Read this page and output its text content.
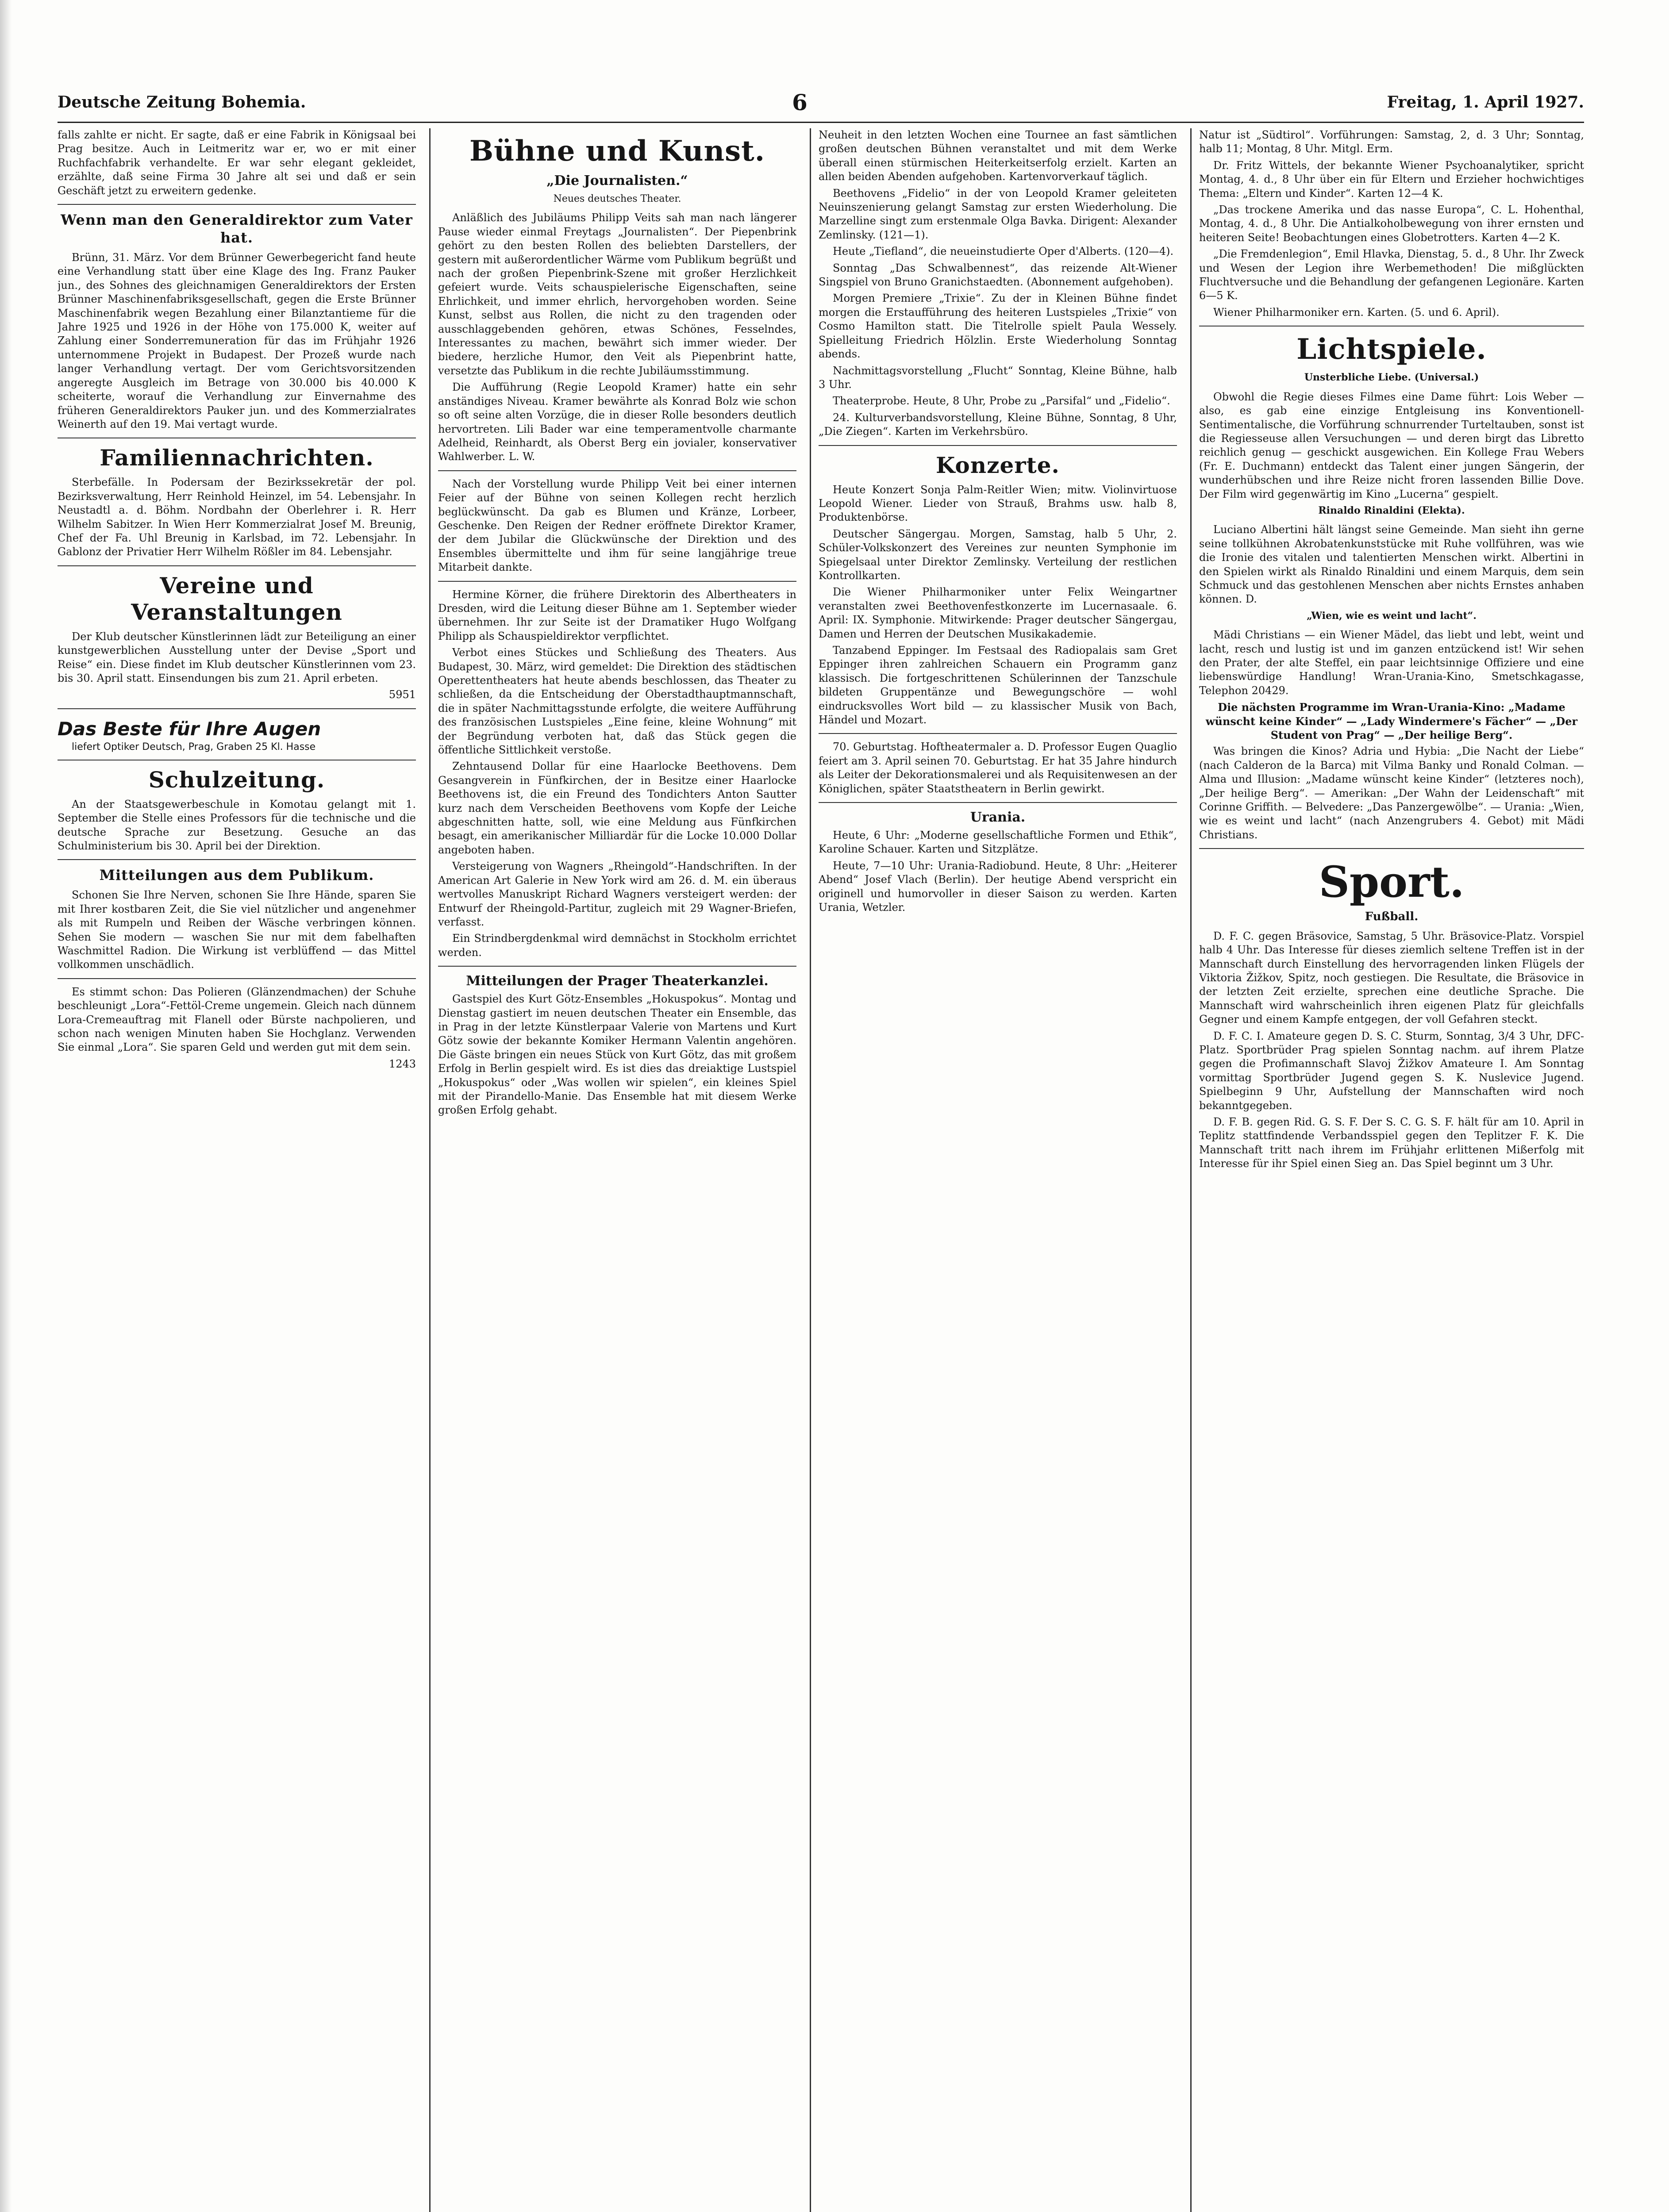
Deutsche Zeitung Bohemia.	6	Freitag, 1. April 1927.

falls zahlte er nicht. Er sagte, daß er eine Fabrik in Königsaal bei Prag besitze. Auch in Leitmeritz war er, wo er mit einer Ruchfachfabrik verhandelte. Er war sehr elegant gekleidet, erzählte, daß seine Firma 30 Jahre alt sei und daß er sein Geschäft jetzt zu erweitern gedenke.

Wenn man den Generaldirektor zum Vater hat.

Brünn, 31. März. Vor dem Brünner Gewerbegericht fand heute eine Verhandlung statt über eine Klage des Ing. Franz Pauker jun., des Sohnes des gleichnamigen Generaldirektors der Ersten Brünner Maschinenfabriksgesellschaft, gegen die Erste Brünner Maschinenfabrik wegen Bezahlung einer Bilanztantieme für die Jahre 1925 und 1926 in der Höhe von 175.000 K, weiter auf Zahlung einer Sonderremuneration für das im Frühjahr 1926 unternommene Projekt in Budapest. Der Prozeß wurde nach langer Verhandlung vertagt. Der vom Gerichtsvorsitzenden angeregte Ausgleich im Betrage von 30.000 bis 40.000 K scheiterte, worauf die Verhandlung zur Einvernahme des früheren Generaldirektors Pauker jun. und des Kommerzialrates Weinerth auf den 19. Mai vertagt wurde.

Familiennachrichten.

Sterbefälle. In Podersam der Bezirkssekretär der pol. Bezirksverwaltung, Herr Reinhold Heinzel, im 54. Lebensjahr. In Neustadtl a. d. Böhm. Nordbahn der Oberlehrer i. R. Herr Wilhelm Sabitzer. In Wien Herr Kommerzialrat Josef M. Breunig, Chef der Fa. Uhl Breunig in Karlsbad, im 72. Lebensjahr. In Gablonz der Privatier Herr Wilhelm Rößler im 84. Lebensjahr.

Vereine und Veranstaltungen

Der Klub deutscher Künstlerinnen lädt zur Beteiligung an einer kunstgewerblichen Ausstellung unter der Devise „Sport und Reise“ ein. Diese findet im Klub deutscher Künstlerinnen vom 23. bis 30. April statt. Einsendungen bis zum 21. April erbeten.

5951

Das Beste für Ihre Augen

liefert Optiker Deutsch, Prag, Graben 25 Kl. Hasse

Schulzeitung.

An der Staatsgewerbeschule in Komotau gelangt mit 1. September die Stelle eines Professors für die technische und die deutsche Sprache zur Besetzung. Gesuche an das Schulministerium bis 30. April bei der Direktion.

Mitteilungen aus dem Publikum.

Schonen Sie Ihre Nerven, schonen Sie Ihre Hände, sparen Sie mit Ihrer kostbaren Zeit, die Sie viel nützlicher und angenehmer als mit Rumpeln und Reiben der Wäsche verbringen können. Sehen Sie modern — waschen Sie nur mit dem fabelhaften Waschmittel Radion. Die Wirkung ist verblüffend — das Mittel vollkommen unschädlich.

Es stimmt schon: Das Polieren (Glänzendmachen) der Schuhe beschleunigt „Lora“-Fettöl-Creme ungemein. Gleich nach dünnem Lora-Cremeauftrag mit Flanell oder Bürste nachpolieren, und schon nach wenigen Minuten haben Sie Hochglanz. Verwenden Sie einmal „Lora“. Sie sparen Geld und werden gut mit dem sein.

1243

Bühne und Kunst.
„Die Journalisten.“
Neues deutsches Theater.

Anläßlich des Jubiläums Philipp Veits sah man nach längerer Pause wieder einmal Freytags „Journalisten“. Der Piepenbrink gehört zu den besten Rollen des beliebten Darstellers, der gestern mit außerordentlicher Wärme vom Publikum begrüßt und nach der großen Piepenbrink-Szene mit großer Herzlichkeit gefeiert wurde. Veits schauspielerische Eigenschaften, seine Ehrlichkeit, und immer ehrlich, hervorgehoben worden. Seine Kunst, selbst aus Rollen, die nicht zu den tragenden oder ausschlaggebenden gehören, etwas Schönes, Fesselndes, Interessantes zu machen, bewährt sich immer wieder. Der biedere, herzliche Humor, den Veit als Piepenbrint hatte, versetzte das Publikum in die rechte Jubiläumsstimmung.

Die Aufführung (Regie Leopold Kramer) hatte ein sehr anständiges Niveau. Kramer bewährte als Konrad Bolz wie schon so oft seine alten Vorzüge, die in dieser Rolle besonders deutlich hervortreten. Lili Bader war eine temperamentvolle charmante Adelheid, Reinhardt, als Oberst Berg ein jovialer, konservativer Wahlwerber. L. W.

Nach der Vorstellung wurde Philipp Veit bei einer internen Feier auf der Bühne von seinen Kollegen recht herzlich beglückwünscht. Da gab es Blumen und Kränze, Lorbeer, Geschenke. Den Reigen der Redner eröffnete Direktor Kramer, der dem Jubilar die Glückwünsche der Direktion und des Ensembles übermittelte und ihm für seine langjährige treue Mitarbeit dankte.

Hermine Körner, die frühere Direktorin des Albertheaters in Dresden, wird die Leitung dieser Bühne am 1. September wieder übernehmen. Ihr zur Seite ist der Dramatiker Hugo Wolfgang Philipp als Schauspieldirektor verpflichtet.

Verbot eines Stückes und Schließung des Theaters. Aus Budapest, 30. März, wird gemeldet: Die Direktion des städtischen Operettentheaters hat heute abends beschlossen, das Theater zu schließen, da die Entscheidung der Oberstadthauptmannschaft, die in später Nachmittagsstunde erfolgte, die weitere Aufführung des französischen Lustspieles „Eine feine, kleine Wohnung“ mit der Begründung verboten hat, daß das Stück gegen die öffentliche Sittlichkeit verstoße.

Zehntausend Dollar für eine Haarlocke Beethovens. Dem Gesangverein in Fünfkirchen, der in Besitze einer Haarlocke Beethovens ist, die ein Freund des Tondichters Anton Sautter kurz nach dem Verscheiden Beethovens vom Kopfe der Leiche abgeschnitten hatte, soll, wie eine Meldung aus Fünfkirchen besagt, ein amerikanischer Milliardär für die Locke 10.000 Dollar angeboten haben.

Versteigerung von Wagners „Rheingold“-Handschriften. In der American Art Galerie in New York wird am 26. d. M. ein überaus wertvolles Manuskript Richard Wagners versteigert werden: der Entwurf der Rheingold-Partitur, zugleich mit 29 Wagner-Briefen, verfasst.

Ein Strindbergdenkmal wird demnächst in Stockholm errichtet werden.

Mitteilungen der Prager Theaterkanzlei.

Gastspiel des Kurt Götz-Ensembles „Hokuspokus“. Montag und Dienstag gastiert im neuen deutschen Theater ein Ensemble, das in Prag in der letzte Künstlerpaar Valerie von Martens und Kurt Götz sowie der bekannte Komiker Hermann Valentin angehören. Die Gäste bringen ein neues Stück von Kurt Götz, das mit großem Erfolg in Berlin gespielt wird. Es ist dies das dreiaktige Lustspiel „Hokuspokus“ oder „Was wollen wir spielen“, ein kleines Spiel mit der Pirandello-Manie. Das Ensemble hat mit diesem Werke großen Erfolg gehabt.

Neuheit in den letzten Wochen eine Tournee an fast sämtlichen großen deutschen Bühnen veranstaltet und mit dem Werke überall einen stürmischen Heiterkeitserfolg erzielt. Karten an allen beiden Abenden aufgehoben. Kartenvorverkauf täglich.

Beethovens „Fidelio“ in der von Leopold Kramer geleiteten Neuinszenierung gelangt Samstag zur ersten Wiederholung. Die Marzelline singt zum erstenmale Olga Bavka. Dirigent: Alexander Zemlinsky. (121—1).

Heute „Tiefland“, die neueinstudierte Oper d'Alberts. (120—4).

Sonntag „Das Schwalbennest“, das reizende Alt-Wiener Singspiel von Bruno Granichstaedten. (Abonnement aufgehoben).

Morgen Premiere „Trixie“. Zu der in Kleinen Bühne findet morgen die Erstaufführung des heiteren Lustspieles „Trixie“ von Cosmo Hamilton statt. Die Titelrolle spielt Paula Wessely. Spielleitung Friedrich Hölzlin. Erste Wiederholung Sonntag abends.

Nachmittagsvorstellung „Flucht“ Sonntag, Kleine Bühne, halb 3 Uhr.

Theaterprobe. Heute, 8 Uhr, Probe zu „Parsifal“ und „Fidelio“.

24. Kulturverbandsvorstellung, Kleine Bühne, Sonntag, 8 Uhr, „Die Ziegen“. Karten im Verkehrsbüro.

Konzerte.

Heute Konzert Sonja Palm-Reitler Wien; mitw. Violinvirtuose Leopold Wiener. Lieder von Strauß, Brahms usw. halb 8, Produktenbörse.

Deutscher Sängergau. Morgen, Samstag, halb 5 Uhr, 2. Schüler-Volkskonzert des Vereines zur neunten Symphonie im Spiegelsaal unter Direktor Zemlinsky. Verteilung der restlichen Kontrollkarten.

Die Wiener Philharmoniker unter Felix Weingartner veranstalten zwei Beethovenfestkonzerte im Lucernasaale. 6. April: IX. Symphonie. Mitwirkende: Prager deutscher Sängergau, Damen und Herren der Deutschen Musikakademie.

Tanzabend Eppinger. Im Festsaal des Radiopalais sam Gret Eppinger ihren zahlreichen Schauern ein Programm ganz klassisch. Die fortgeschrittenen Schülerinnen der Tanzschule bildeten Gruppentänze und Bewegungschöre — wohl eindrucksvolles Wort bild — zu klassischer Musik von Bach, Händel und Mozart.

70. Geburtstag. Hoftheatermaler a. D. Professor Eugen Quaglio feiert am 3. April seinen 70. Geburtstag. Er hat 35 Jahre hindurch als Leiter der Dekorationsmalerei und als Requisitenwesen an der Königlichen, später Staatstheatern in Berlin gewirkt.

Urania.

Heute, 6 Uhr: „Moderne gesellschaftliche Formen und Ethik“, Karoline Schauer. Karten und Sitzplätze.

Heute, 7—10 Uhr: Urania-Radiobund. Heute, 8 Uhr: „Heiterer Abend“ Josef Vlach (Berlin). Der heutige Abend verspricht ein originell und humorvoller in dieser Saison zu werden. Karten Urania, Wetzler.

Natur ist „Südtirol“. Vorführungen: Samstag, 2, d. 3 Uhr; Sonntag, halb 11; Montag, 8 Uhr. Mitgl. Erm.

Dr. Fritz Wittels, der bekannte Wiener Psychoanalytiker, spricht Montag, 4. d., 8 Uhr über ein für Eltern und Erzieher hochwichtiges Thema: „Eltern und Kinder“. Karten 12—4 K.

„Das trockene Amerika und das nasse Europa“, C. L. Hohenthal, Montag, 4. d., 8 Uhr. Die Antialkoholbewegung von ihrer ernsten und heiteren Seite! Beobachtungen eines Globetrotters. Karten 4—2 K.

„Die Fremdenlegion“, Emil Hlavka, Dienstag, 5. d., 8 Uhr. Ihr Zweck und Wesen der Legion ihre Werbemethoden! Die mißglückten Fluchtversuche und die Behandlung der gefangenen Legionäre. Karten 6—5 K.

Wiener Philharmoniker ern. Karten. (5. und 6. April).

Lichtspiele.
Unsterbliche Liebe. (Universal.)

Obwohl die Regie dieses Filmes eine Dame führt: Lois Weber — also, es gab eine einzige Entgleisung ins Konventionell-Sentimentalische, die Vorführung schnurrender Turteltauben, sonst ist die Regiesseuse allen Versuchungen — und deren birgt das Libretto reichlich genug — geschickt ausgewichen. Ein Kollege Frau Webers (Fr. E. Duchmann) entdeckt das Talent einer jungen Sängerin, der wunderhübschen und ihre Reize nicht froren lassenden Billie Dove. Der Film wird gegenwärtig im Kino „Lucerna“ gespielt.

Rinaldo Rinaldini (Elekta).

Luciano Albertini hält längst seine Gemeinde. Man sieht ihn gerne seine tollkühnen Akrobatenkunststücke mit Ruhe vollführen, was wie die Ironie des vitalen und talentierten Menschen wirkt. Albertini in den Spielen wirkt als Rinaldo Rinaldini und einem Marquis, dem sein Schmuck und das gestohlenen Menschen aber nichts Ernstes anhaben können. D.

„Wien, wie es weint und lacht“.

Mädi Christians — ein Wiener Mädel, das liebt und lebt, weint und lacht, resch und lustig ist und im ganzen entzückend ist! Wir sehen den Prater, der alte Steffel, ein paar leichtsinnige Offiziere und eine liebenswürdige Handlung! Wran-Urania-Kino, Smetschkagasse, Telephon 20429.

Die nächsten Programme im Wran-Urania-Kino: „Madame wünscht keine Kinder“ — „Lady Windermere's Fächer“ — „Der Student von Prag“ — „Der heilige Berg“.

Was bringen die Kinos? Adria und Hybia: „Die Nacht der Liebe“ (nach Calderon de la Barca) mit Vilma Banky und Ronald Colman. — Alma und Illusion: „Madame wünscht keine Kinder“ (letzteres noch), „Der heilige Berg“. — Amerikan: „Der Wahn der Leidenschaft“ mit Corinne Griffith. — Belvedere: „Das Panzergewölbe“. — Urania: „Wien, wie es weint und lacht“ (nach Anzengrubers 4. Gebot) mit Mädi Christians.

Sport.
Fußball.

D. F. C. gegen Bräsovice, Samstag, 5 Uhr. Bräsovice-Platz. Vorspiel halb 4 Uhr. Das Interesse für dieses ziemlich seltene Treffen ist in der Mannschaft durch Einstellung des hervorragenden linken Flügels der Viktoria Žižkov, Spitz, noch gestiegen. Die Resultate, die Bräsovice in der letzten Zeit erzielte, sprechen eine deutliche Sprache. Die Mannschaft wird wahrscheinlich ihren eigenen Platz für gleichfalls Gegner und einem Kampfe entgegen, der voll Gefahren steckt.

D. F. C. I. Amateure gegen D. S. C. Sturm, Sonntag, 3/4 3 Uhr, DFC-Platz. Sportbrüder Prag spielen Sonntag nachm. auf ihrem Platze gegen die Profimannschaft Slavoj Žižkov Amateure I. Am Sonntag vormittag Sportbrüder Jugend gegen S. K. Nuslevice Jugend. Spielbeginn 9 Uhr, Aufstellung der Mannschaften wird noch bekanntgegeben.

D. F. B. gegen Rid. G. S. F. Der S. C. G. S. F. hält für am 10. April in Teplitz stattfindende Verbandsspiel gegen den Teplitzer F. K. Die Mannschaft tritt nach ihrem im Frühjahr erlittenen Mißerfolg mit Interesse für ihr Spiel einen Sieg an. Das Spiel beginnt um 3 Uhr.
